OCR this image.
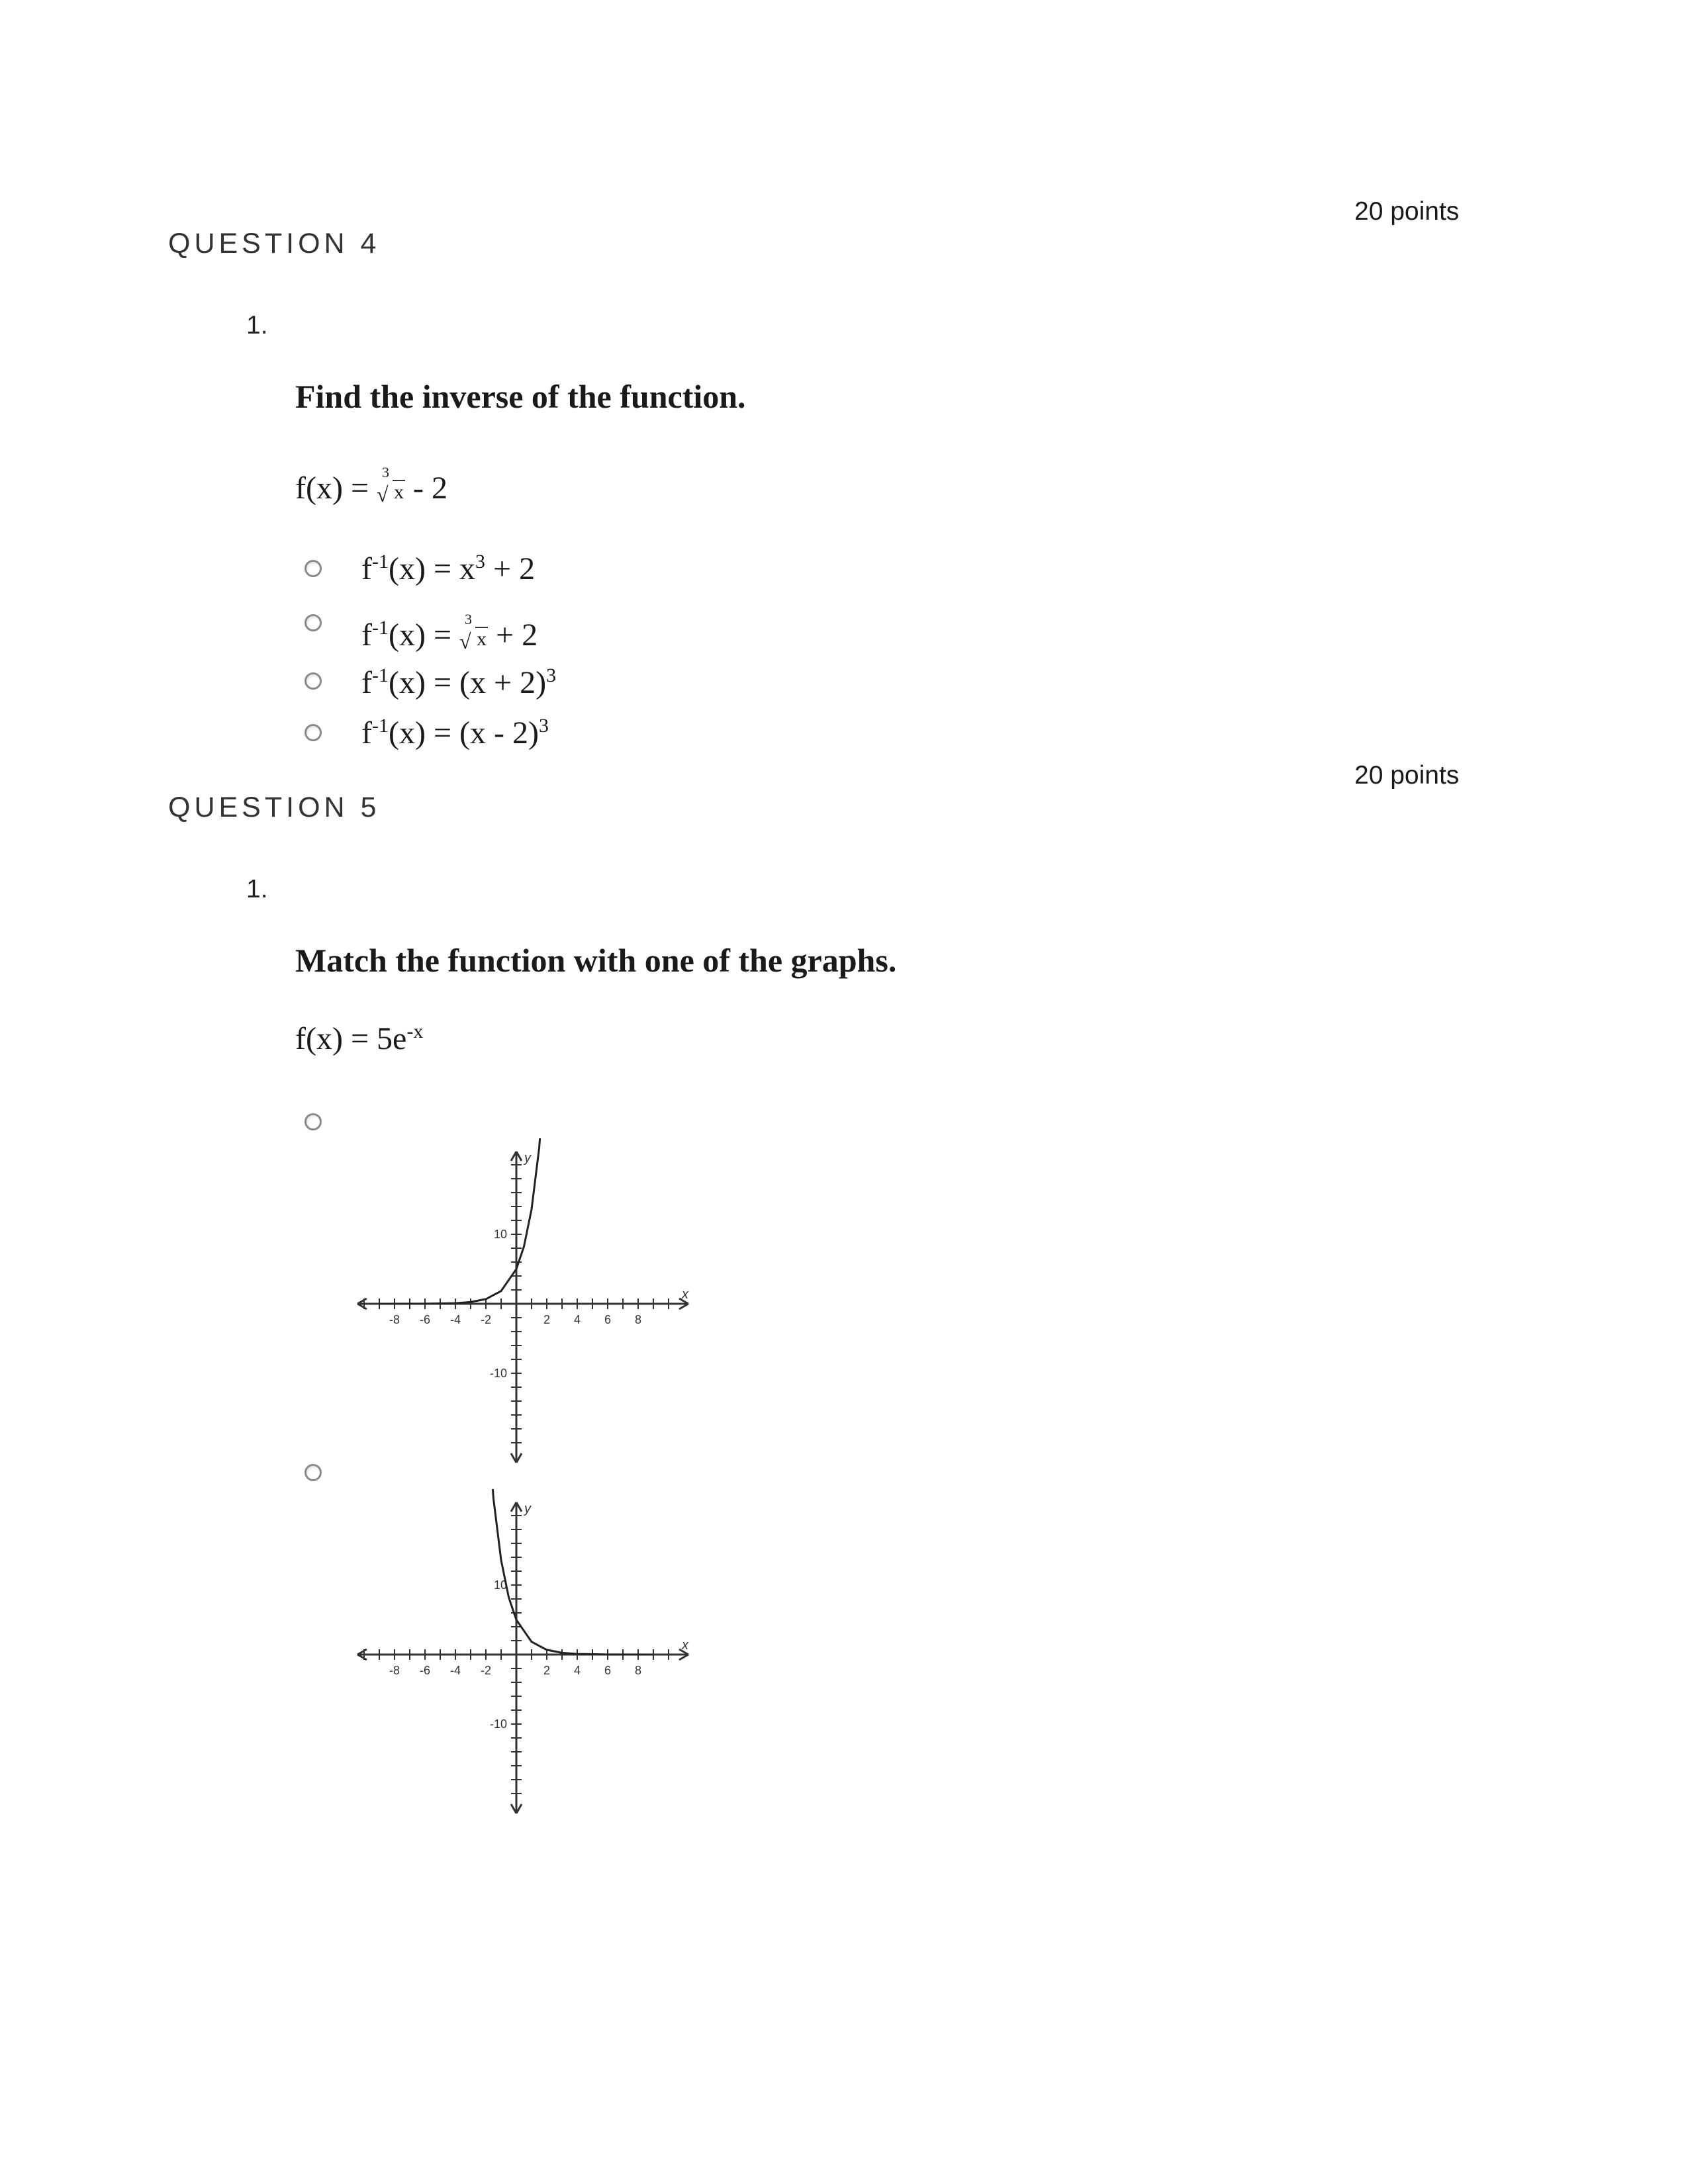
20 points
QUESTION 4
1.
Find the inverse of the function.
f(x) = √
3
x - 2
$f^{-1}(x) = x^3 + 2$
$f^{-1}(x)$ = √
3
x + 2
$f^{-1}(x) = (x + 2)^3$
$f^{-1}(x) = (x - 2)^3$
20 points
QUESTION 5
1.
Match the function with one of the graphs.
$f(x) = 5e^{-x}$
-8 -6 -4 -2	2 4 6 8
10
-10
x
y
-8 -6 -4 -2	2 4 6 8
10
-10
x
y
